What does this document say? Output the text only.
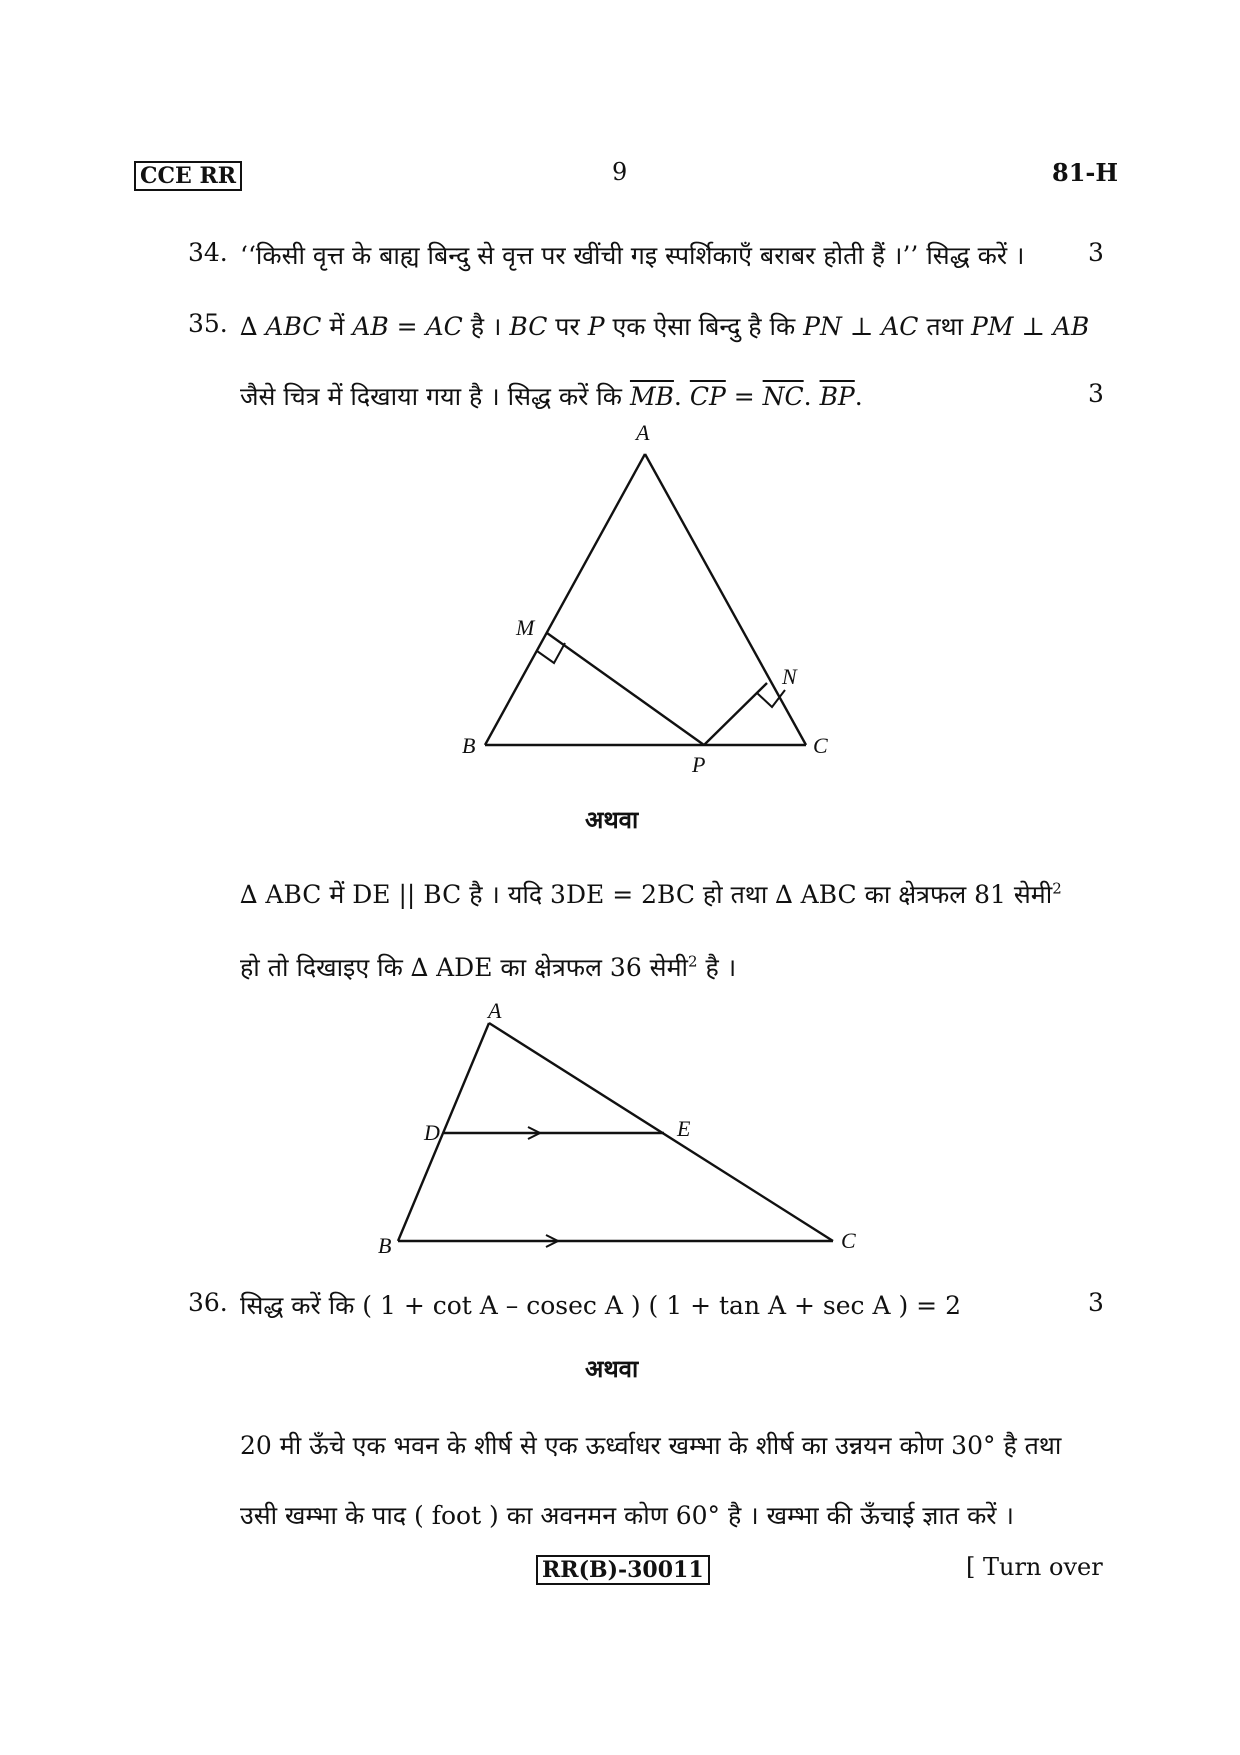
CCE RR	9	81-H
34. ‘‘किसी वृत्त के बाह्य बिन्दु से वृत्त पर खींची गइ स्पर्शिकाएँ बराबर होती हैं ।’’ सिद्ध करें ।	3
35. ∆ ABC में AB = AC है । BC पर P एक ऐसा बिन्दु है कि PN ⊥ AC तथा PM ⊥ AB
जैसे चित्र में दिखाया गया है । सिद्ध करें कि $\overline{MB}$. $\overline{CP} = \overline{NC}$. $\overline{BP}$.	3
A
M
N
B
P
C
A
D	E
B	C
अथवा
∆ ABC में DE || BC है । यदि 3DE = 2BC हो तथा ∆ ABC का क्षेत्रफल 81 सेमी$^2$
हो तो दिखाइए कि ∆ ADE का क्षेत्रफल 36 सेमी$^2$ है ।
36. सिद्ध करें कि ( 1 + cot A – cosec A ) ( 1 + tan A + sec A ) = 2	3
अथवा
20 मी ऊँचे एक भवन के शीर्ष से एक ऊर्ध्वाधर खम्भा के शीर्ष का उन्नयन कोण 30° है तथा
उसी खम्भा के पाद ( foot ) का अवनमन कोण 60° है । खम्भा की ऊँचाई ज्ञात करें ।
RR(B)-30011	[ Turn over
